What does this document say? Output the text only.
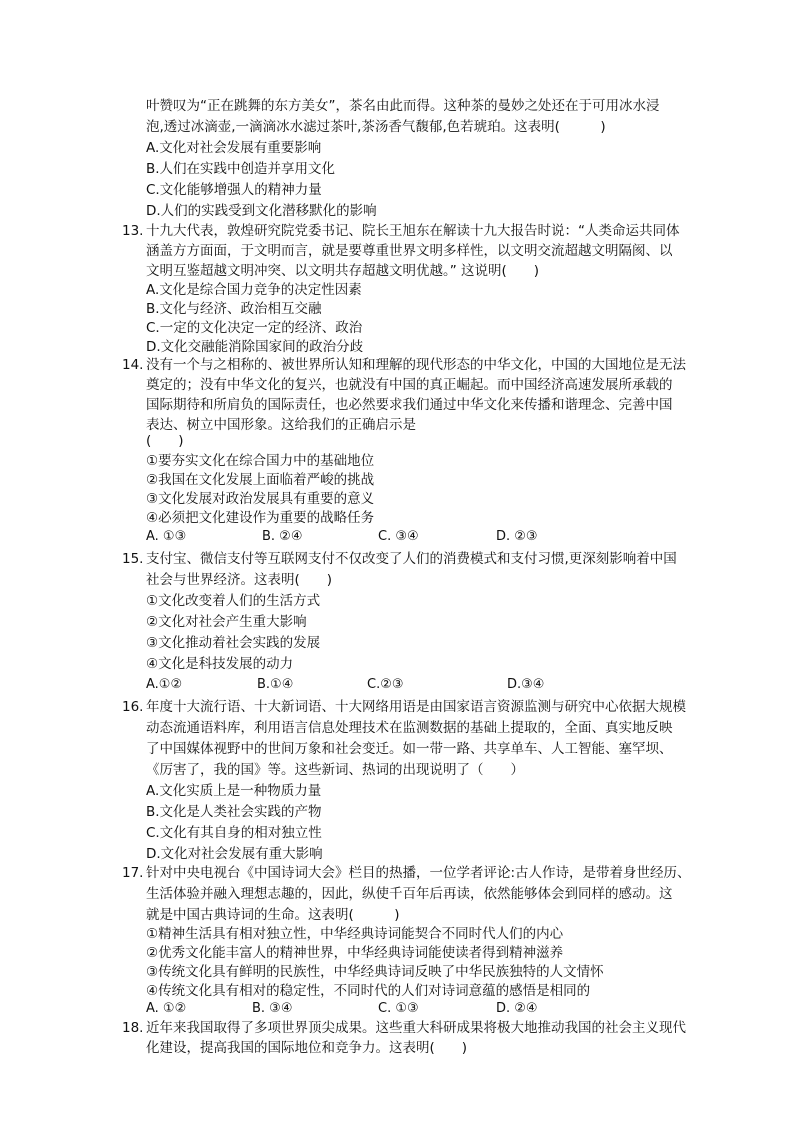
叶赞叹为“正在跳舞的东方美女”，茶名由此而得。这种茶的曼妙之处还在于可用冰水浸
泡,透过冰滴壶,一滴滴冰水滤过茶叶,茶汤香气馥郁,色若琥珀。这表明(　　　)
A.文化对社会发展有重要影响
B.人们在实践中创造并享用文化
C.文化能够增强人的精神力量
D.人们的实践受到文化潜移默化的影响
13. 十九大代表，敦煌研究院党委书记、院长王旭东在解读十九大报告时说：“人类命运共同体
涵盖方方面面，于文明而言，就是要尊重世界文明多样性，以文明交流超越文明隔阂、以
文明互鉴超越文明冲突、以文明共存超越文明优越。” 这说明(　　)
A.文化是综合国力竞争的决定性因素
B.文化与经济、政治相互交融
C.一定的文化决定一定的经济、政治
D.文化交融能消除国家间的政治分歧
14. 没有一个与之相称的、被世界所认知和理解的现代形态的中华文化，中国的大国地位是无法
奠定的；没有中华文化的复兴，也就没有中国的真正崛起。而中国经济高速发展所承载的
国际期待和所肩负的国际责任，也必然要求我们通过中华文化来传播和谐理念、完善中国
表达、树立中国形象。这给我们的正确启示是
(　　)
①要夯实文化在综合国力中的基础地位
②我国在文化发展上面临着严峻的挑战
③文化发展对政治发展具有重要的意义
④必须把文化建设作为重要的战略任务
A. ①③	B. ②④	C. ③④	D. ②③
15. 支付宝、微信支付等互联网支付不仅改变了人们的消费模式和支付习惯,更深刻影响着中国
社会与世界经济。这表明(　　)
①文化改变着人们的生活方式
②文化对社会产生重大影响
③文化推动着社会实践的发展
④文化是科技发展的动力
A.①②	B.①④	C.②③	D.③④
16. 年度十大流行语、十大新词语、十大网络用语是由国家语言资源监测与研究中心依据大规模
动态流通语料库，利用语言信息处理技术在监测数据的基础上提取的，全面、真实地反映
了中国媒体视野中的世间万象和社会变迁。如一带一路、共享单车、人工智能、塞罕坝、
《厉害了，我的国》等。这些新词、热词的出现说明了（　　）
A.文化实质上是一种物质力量
B.文化是人类社会实践的产物
C.文化有其自身的相对独立性
D.文化对社会发展有重大影响
17. 针对中央电视台《中国诗词大会》栏目的热播，一位学者评论:古人作诗，是带着身世经历、
生活体验并融入理想志趣的，因此，纵使千百年后再读，依然能够体会到同样的感动。这
就是中国古典诗词的生命。这表明(　　　)
①精神生活具有相对独立性，中华经典诗词能契合不同时代人们的内心
②优秀文化能丰富人的精神世界，中华经典诗词能使读者得到精神滋养
③传统文化具有鲜明的民族性，中华经典诗词反映了中华民族独特的人文情怀
④传统文化具有相对的稳定性，不同时代的人们对诗词意蕴的感悟是相同的
A. ①②	B. ③④	C. ①③	D. ②④
18. 近年来我国取得了多项世界顶尖成果。这些重大科研成果将极大地推动我国的社会主义现代
化建设，提高我国的国际地位和竞争力。这表明(　　)
